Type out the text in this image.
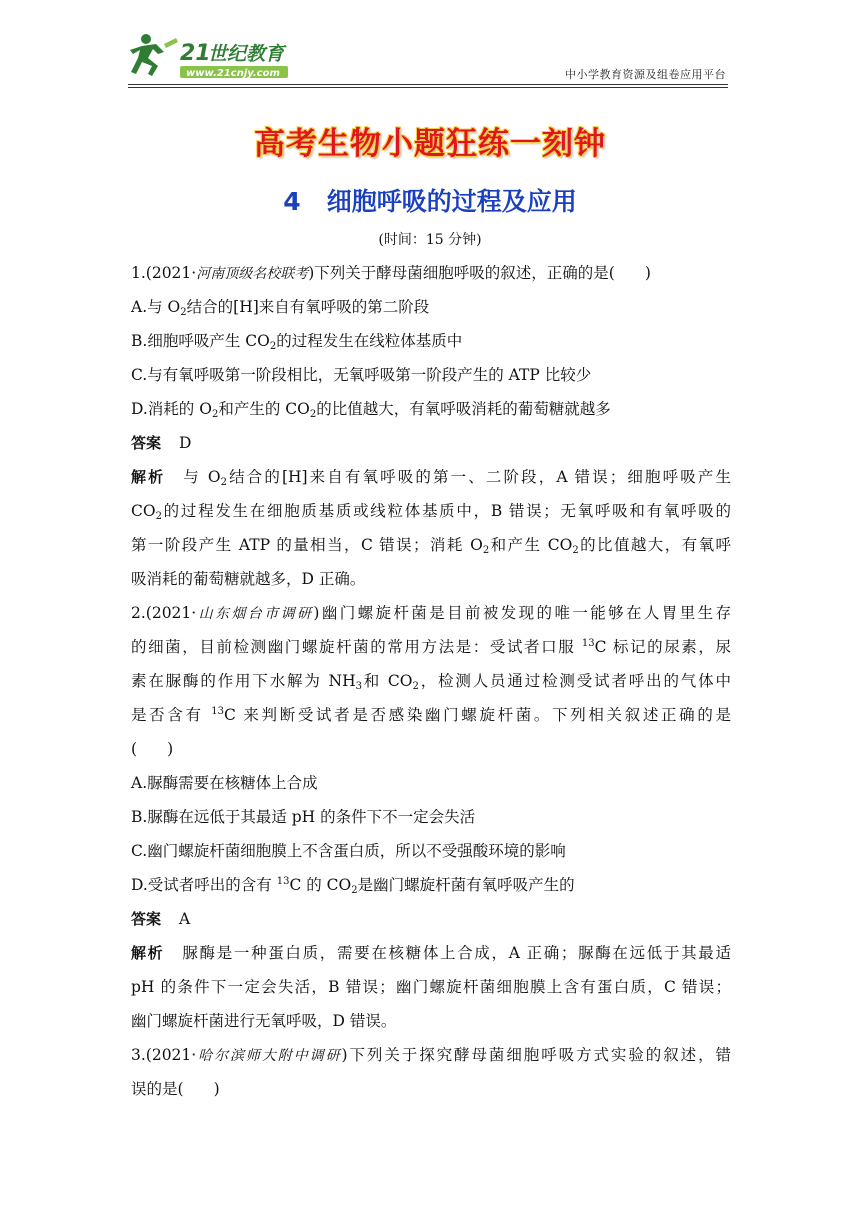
21
世纪教育
www.21cnjy.com	中小学教育资源及组卷应用平台
高考生物小题狂练一刻钟
4 细胞呼吸的过程及应用
(时间：15 分钟)
1.(2021·河南顶级名校联考)下列关于酵母菌细胞呼吸的叙述，正确的是( )
A.与 $O_2$结合的[H]来自有氧呼吸的第二阶段
B.细胞呼吸产生 $CO_2$的过程发生在线粒体基质中
C.与有氧呼吸第一阶段相比，无氧呼吸第一阶段产生的 ATP 比较少
D.消耗的 $O_2$和产生的 $CO_2$的比值越大，有氧呼吸消耗的葡萄糖就越多
答案 D
解析 与 $O_2$结合的[H]来自有氧呼吸的第一、二阶段，A 错误；细胞呼吸产生
$CO_2$的过程发生在细胞质基质或线粒体基质中，B 错误；无氧呼吸和有氧呼吸的
第一阶段产生 ATP 的量相当，C 错误；消耗 $O_2$和产生 $CO_2$的比值越大，有氧呼
吸消耗的葡萄糖就越多，D 正确。
2.(2021·山东烟台市调研)幽门螺旋杆菌是目前被发现的唯一能够在人胃里生存
的细菌，目前检测幽门螺旋杆菌的常用方法是：受试者口服 $^{13}$C 标记的尿素，尿
素在脲酶的作用下水解为 $NH_3$和 $CO_2$，检测人员通过检测受试者呼出的气体中
是否含有 $^{13}$C 来判断受试者是否感染幽门螺旋杆菌。下列相关叙述正确的是
( )
A.脲酶需要在核糖体上合成
B.脲酶在远低于其最适 pH 的条件下不一定会失活
C.幽门螺旋杆菌细胞膜上不含蛋白质，所以不受强酸环境的影响
D.受试者呼出的含有 $^{13}$C 的 $CO_2$是幽门螺旋杆菌有氧呼吸产生的
答案 A
解析 脲酶是一种蛋白质，需要在核糖体上合成，A 正确；脲酶在远低于其最适
pH 的条件下一定会失活，B 错误；幽门螺旋杆菌细胞膜上含有蛋白质，C 错误；
幽门螺旋杆菌进行无氧呼吸，D 错误。
3.(2021·哈尔滨师大附中调研)下列关于探究酵母菌细胞呼吸方式实验的叙述，错
误的是( )
